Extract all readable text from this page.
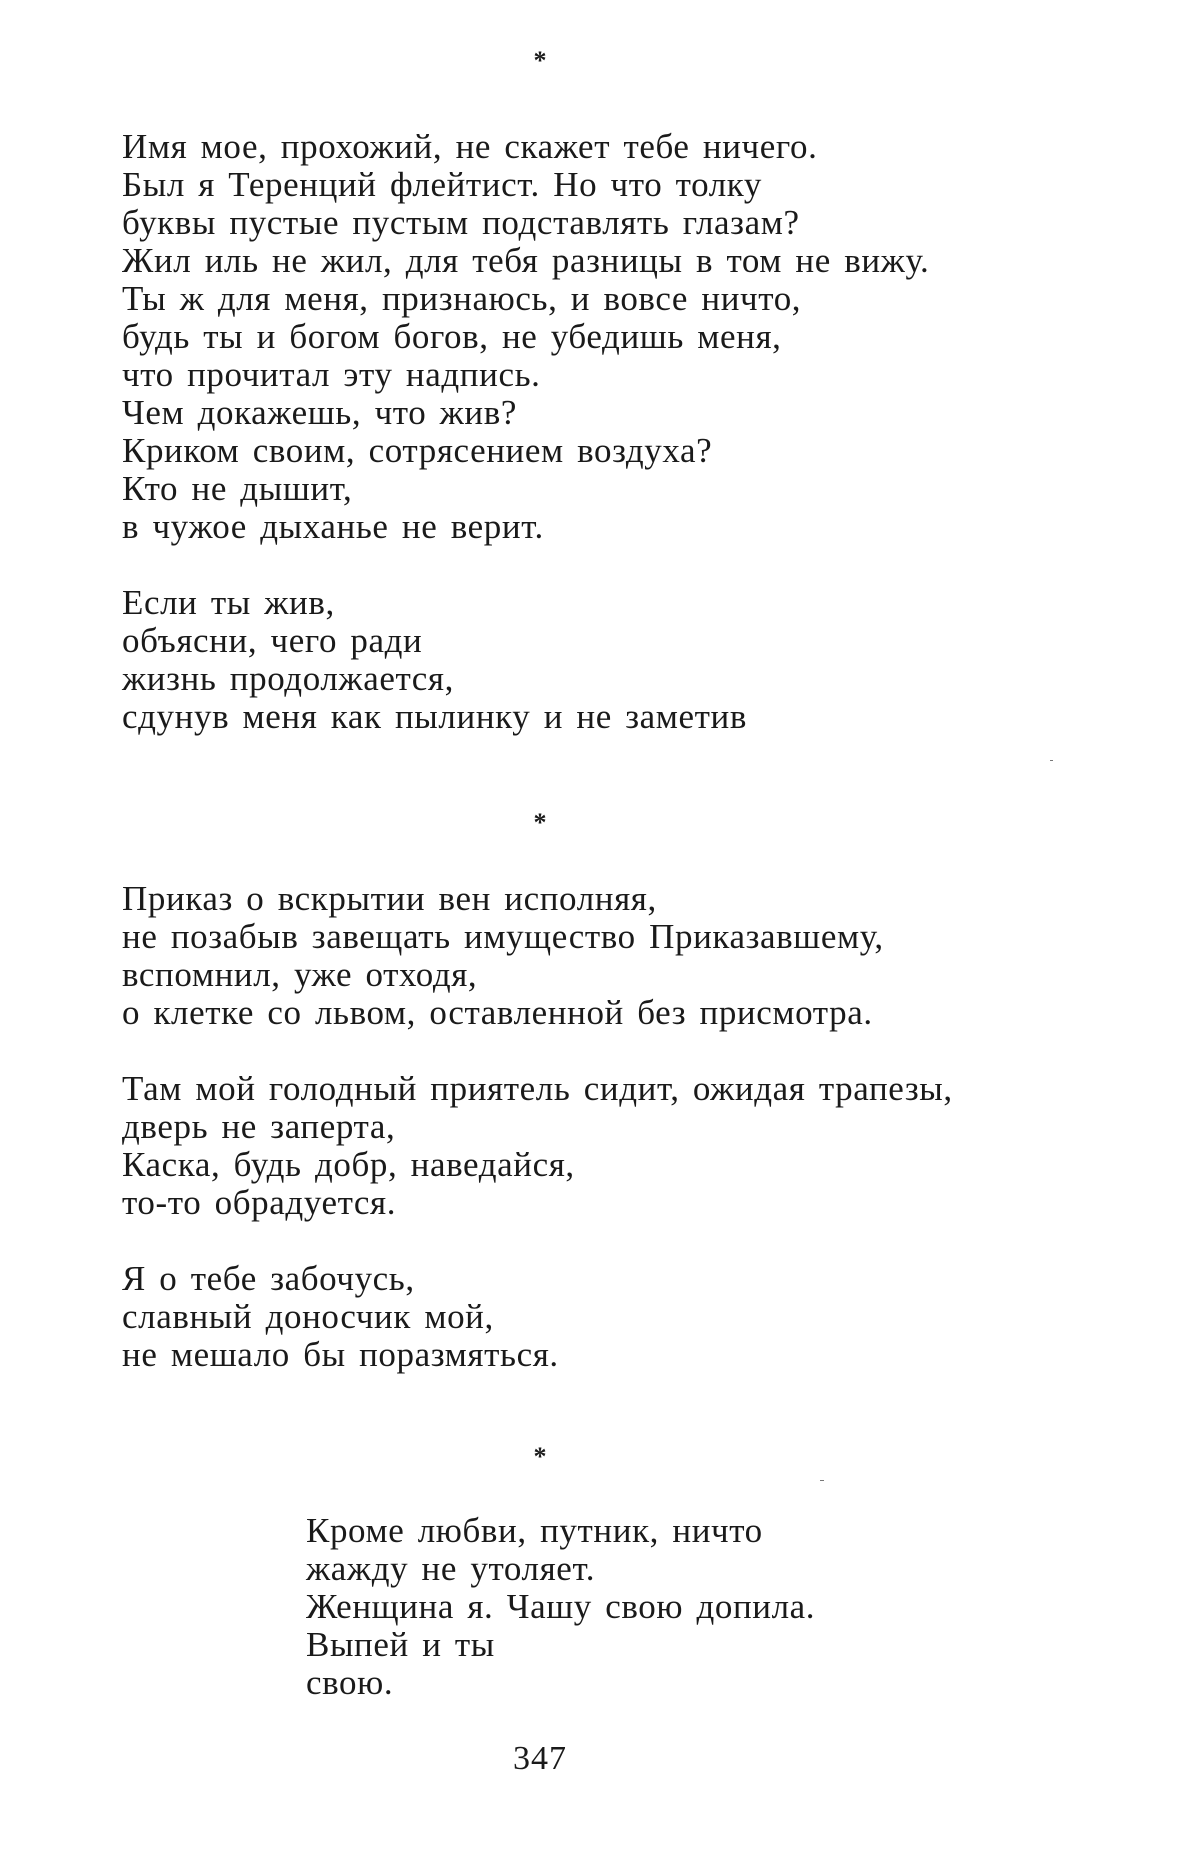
*
Имя мое, прохожий, не скажет тебе ничего.
Был я Теренций флейтист. Но что толку
буквы пустые пустым подставлять глазам?
Жил иль не жил, для тебя разницы в том не вижу.
Ты ж для меня, признаюсь, и вовсе ничто,
будь ты и богом богов, не убедишь меня,
что прочитал эту надпись.
Чем докажешь, что жив?
Криком своим, сотрясением воздуха?
Кто не дышит,
в чужое дыханье не верит.
Если ты жив,
объясни, чего ради
жизнь продолжается,
сдунув меня как пылинку и не заметив
*
Приказ о вскрытии вен исполняя,
не позабыв завещать имущество Приказавшему,
вспомнил, уже отходя,
о клетке со львом, оставленной без присмотра.
Там мой голодный приятель сидит, ожидая трапезы,
дверь не заперта,
Каска, будь добр, наведайся,
то-то обрадуется.
Я о тебе забочусь,
славный доносчик мой,
не мешало бы поразмяться.
*
Кроме любви, путник, ничто
жажду не утоляет.
Женщина я. Чашу свою допила.
Выпей и ты
свою.
347
